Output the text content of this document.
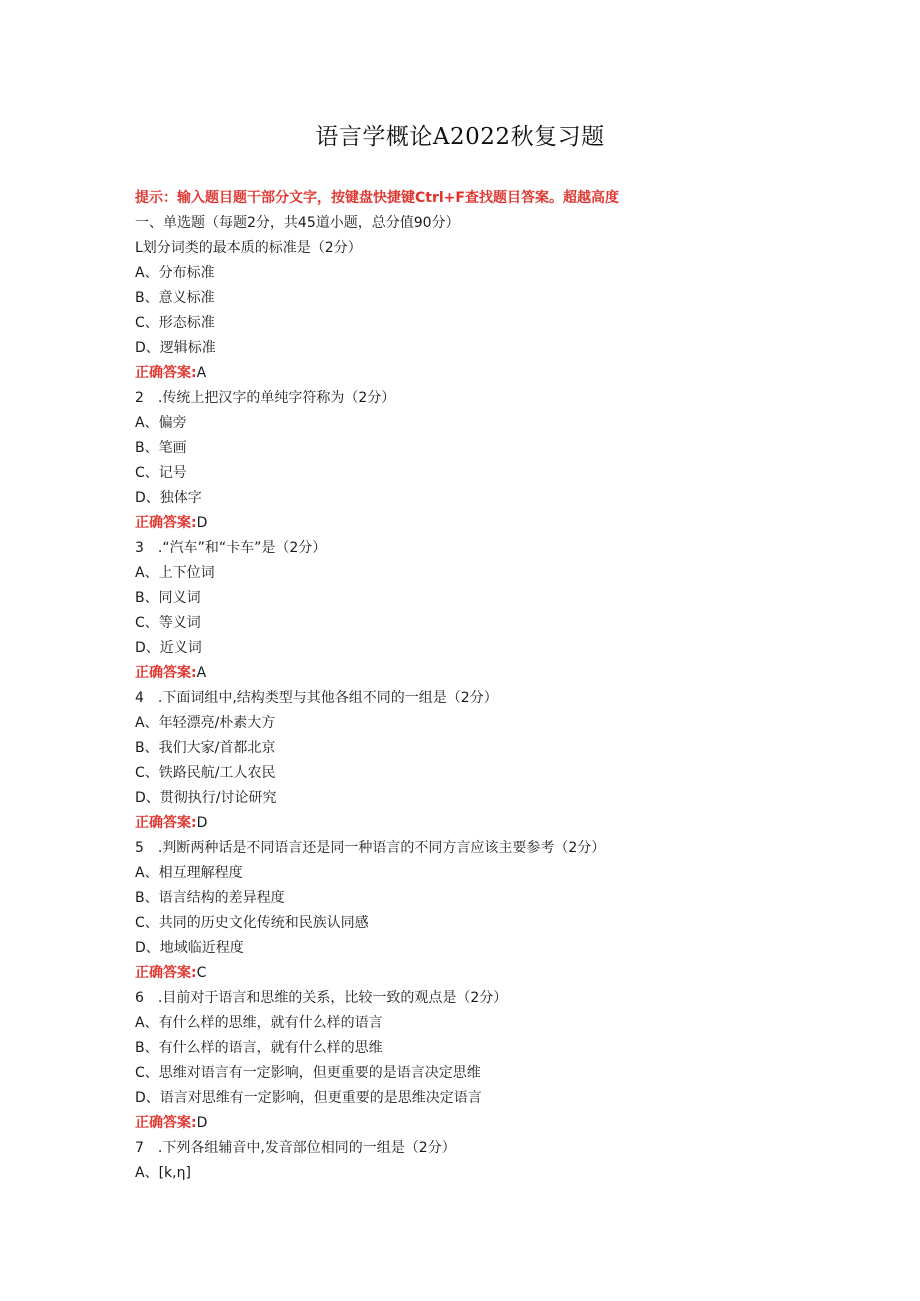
语言学概论A2022秋复习题
提示：输入题目题干部分文字，按键盘快捷键Ctrl+F查找题目答案。超越高度
一、单选题（每题2分，共45道小题，总分值90分）
L划分词类的最本质的标准是（2分）
A、分布标准
B、意义标准
C、形态标准
D、逻辑标准
正确答案:A
2　.传统上把汉字的单纯字符称为（2分）
A、偏旁
B、笔画
C、记号
D、独体字
正确答案:D
3　.“汽车”和“卡车”是（2分）
A、上下位词
B、同义词
C、等义词
D、近义词
正确答案:A
4　.下面词组中,结构类型与其他各组不同的一组是（2分）
A、年轻漂亮/朴素大方
B、我们大家/首都北京
C、铁路民航/工人农民
D、贯彻执行/讨论研究
正确答案:D
5　.判断两种话是不同语言还是同一种语言的不同方言应该主要参考（2分）
A、相互理解程度
B、语言结构的差异程度
C、共同的历史文化传统和民族认同感
D、地域临近程度
正确答案:C
6　.目前对于语言和思维的关系，比较一致的观点是（2分）
A、有什么样的思维，就有什么样的语言
B、有什么样的语言，就有什么样的思维
C、思维对语言有一定影响，但更重要的是语言决定思维
D、语言对思维有一定影响，但更重要的是思维决定语言
正确答案:D
7　.下列各组辅音中,发音部位相同的一组是（2分）
A、[k,η]
